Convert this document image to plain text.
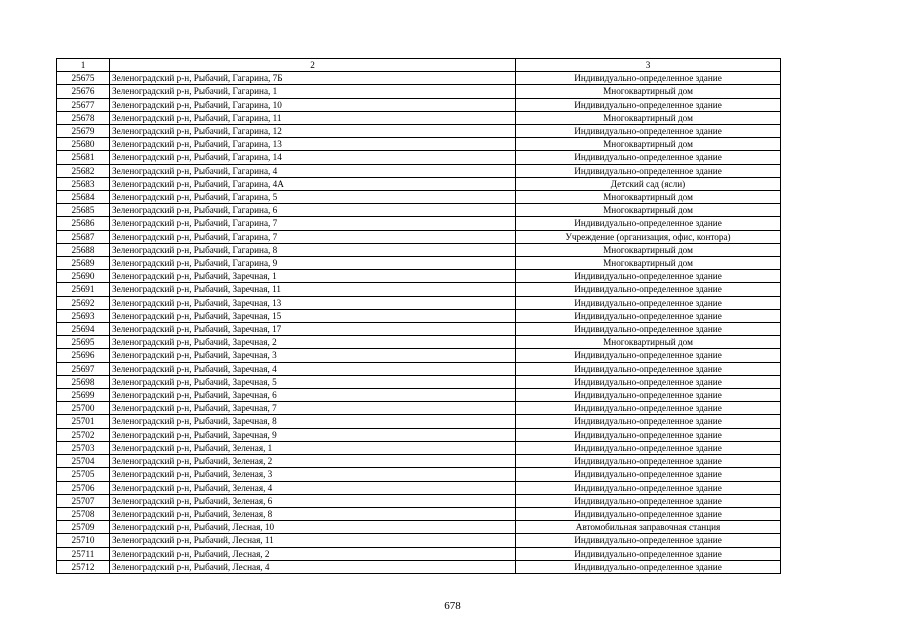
1	2	3
25675	Зеленоградский р-н, Рыбачий, Гагарина, 7Б	Индивидуально-определенное здание
25676	Зеленоградский р-н, Рыбачий, Гагарина, 1	Многоквартирный дом
25677	Зеленоградский р-н, Рыбачий, Гагарина, 10	Индивидуально-определенное здание
25678	Зеленоградский р-н, Рыбачий, Гагарина, 11	Многоквартирный дом
25679	Зеленоградский р-н, Рыбачий, Гагарина, 12	Индивидуально-определенное здание
25680	Зеленоградский р-н, Рыбачий, Гагарина, 13	Многоквартирный дом
25681	Зеленоградский р-н, Рыбачий, Гагарина, 14	Индивидуально-определенное здание
25682	Зеленоградский р-н, Рыбачий, Гагарина, 4	Индивидуально-определенное здание
25683	Зеленоградский р-н, Рыбачий, Гагарина, 4А	Детский сад (ясли)
25684	Зеленоградский р-н, Рыбачий, Гагарина, 5	Многоквартирный дом
25685	Зеленоградский р-н, Рыбачий, Гагарина, 6	Многоквартирный дом
25686	Зеленоградский р-н, Рыбачий, Гагарина, 7	Индивидуально-определенное здание
25687	Зеленоградский р-н, Рыбачий, Гагарина, 7	Учреждение (организация, офис, контора)
25688	Зеленоградский р-н, Рыбачий, Гагарина, 8	Многоквартирный дом
25689	Зеленоградский р-н, Рыбачий, Гагарина, 9	Многоквартирный дом
25690	Зеленоградский р-н, Рыбачий, Заречная, 1	Индивидуально-определенное здание
25691	Зеленоградский р-н, Рыбачий, Заречная, 11	Индивидуально-определенное здание
25692	Зеленоградский р-н, Рыбачий, Заречная, 13	Индивидуально-определенное здание
25693	Зеленоградский р-н, Рыбачий, Заречная, 15	Индивидуально-определенное здание
25694	Зеленоградский р-н, Рыбачий, Заречная, 17	Индивидуально-определенное здание
25695	Зеленоградский р-н, Рыбачий, Заречная, 2	Многоквартирный дом
25696	Зеленоградский р-н, Рыбачий, Заречная, 3	Индивидуально-определенное здание
25697	Зеленоградский р-н, Рыбачий, Заречная, 4	Индивидуально-определенное здание
25698	Зеленоградский р-н, Рыбачий, Заречная, 5	Индивидуально-определенное здание
25699	Зеленоградский р-н, Рыбачий, Заречная, 6	Индивидуально-определенное здание
25700	Зеленоградский р-н, Рыбачий, Заречная, 7	Индивидуально-определенное здание
25701	Зеленоградский р-н, Рыбачий, Заречная, 8	Индивидуально-определенное здание
25702	Зеленоградский р-н, Рыбачий, Заречная, 9	Индивидуально-определенное здание
25703	Зеленоградский р-н, Рыбачий, Зеленая, 1	Индивидуально-определенное здание
25704	Зеленоградский р-н, Рыбачий, Зеленая, 2	Индивидуально-определенное здание
25705	Зеленоградский р-н, Рыбачий, Зеленая, 3	Индивидуально-определенное здание
25706	Зеленоградский р-н, Рыбачий, Зеленая, 4	Индивидуально-определенное здание
25707	Зеленоградский р-н, Рыбачий, Зеленая, 6	Индивидуально-определенное здание
25708	Зеленоградский р-н, Рыбачий, Зеленая, 8	Индивидуально-определенное здание
25709	Зеленоградский р-н, Рыбачий, Лесная, 10	Автомобильная заправочная станция
25710	Зеленоградский р-н, Рыбачий, Лесная, 11	Индивидуально-определенное здание
25711	Зеленоградский р-н, Рыбачий, Лесная, 2	Индивидуально-определенное здание
25712	Зеленоградский р-н, Рыбачий, Лесная, 4	Индивидуально-определенное здание
678
